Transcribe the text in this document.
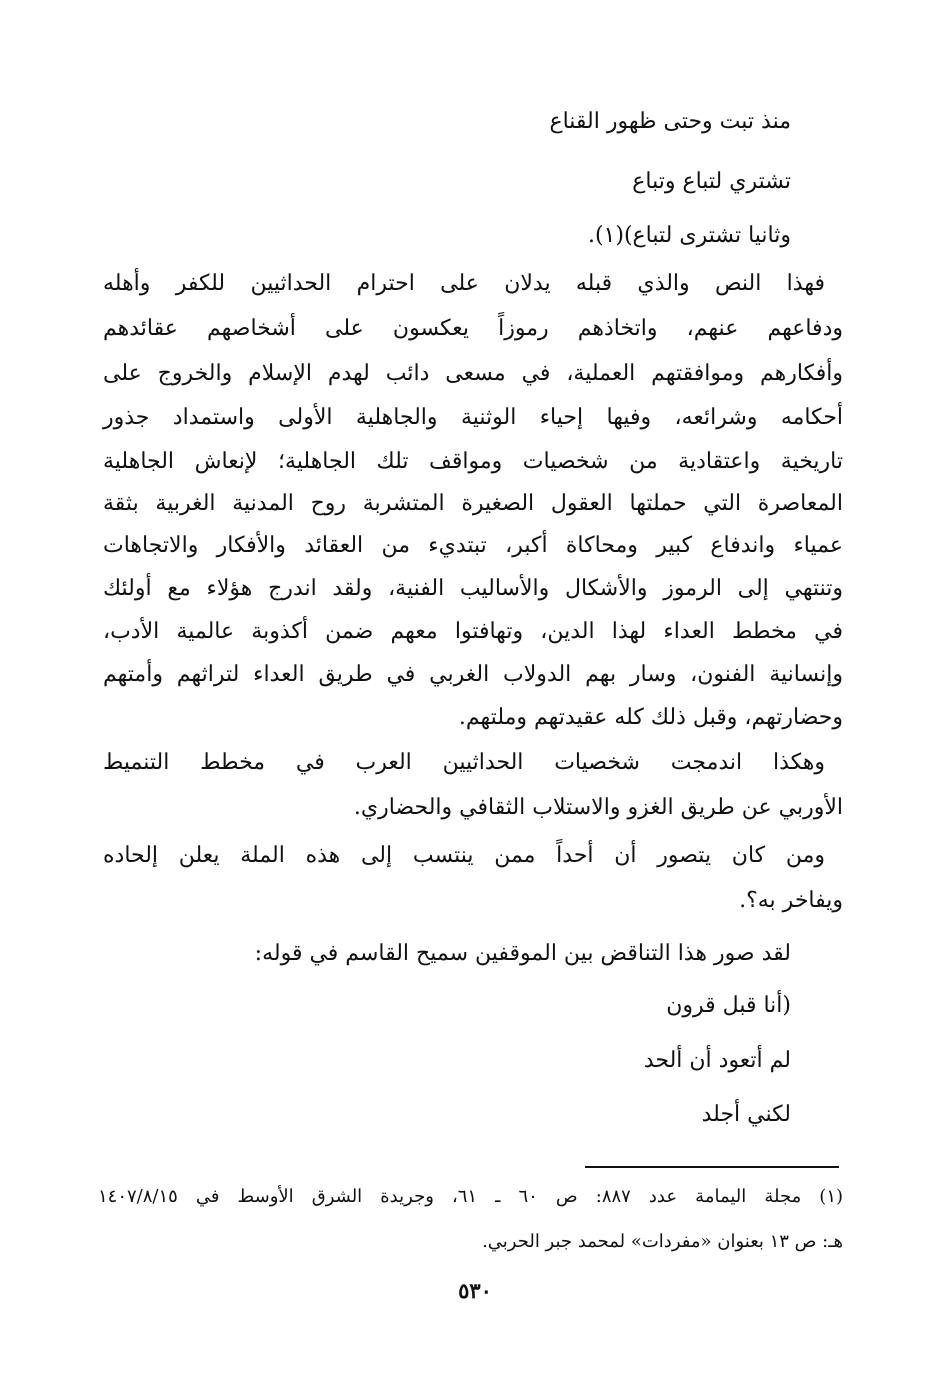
منذ تبت وحتى ظهور القناع
تشتري لتباع وتباع
وثانيا تشترى لتباع)(١).
فهذا النص والذي قبله يدلان على احترام الحداثيين للكفر وأهله
ودفاعهم عنهم، واتخاذهم رموزاً يعكسون على أشخاصهم عقائدهم
وأفكارهم وموافقتهم العملية، في مسعى دائب لهدم الإسلام والخروج على
أحكامه وشرائعه، وفيها إحياء الوثنية والجاهلية الأولى واستمداد جذور
تاريخية واعتقادية من شخصيات ومواقف تلك الجاهلية؛ لإنعاش الجاهلية
المعاصرة التي حملتها العقول الصغيرة المتشربة روح المدنية الغربية بثقة
عمياء واندفاع كبير ومحاكاة أكبر، تبتديء من العقائد والأفكار والاتجاهات
وتنتهي إلى الرموز والأشكال والأساليب الفنية، ولقد اندرج هؤلاء مع أولئك
في مخطط العداء لهذا الدين، وتهافتوا معهم ضمن أكذوبة عالمية الأدب،
وإنسانية الفنون، وسار بهم الدولاب الغربي في طريق العداء لتراثهم وأمتهم
وحضارتهم، وقبل ذلك كله عقيدتهم وملتهم.
وهكذا اندمجت شخصيات الحداثيين العرب في مخطط التنميط
الأوربي عن طريق الغزو والاستلاب الثقافي والحضاري.
ومن كان يتصور أن أحداً ممن ينتسب إلى هذه الملة يعلن إلحاده
ويفاخر به؟.
لقد صور هذا التناقض بين الموقفين سميح القاسم في قوله:
(أنا قبل قرون
لم أتعود أن ألحد
لكني أجلد
(١) مجلة اليمامة عدد ٨٨٧: ص ٦٠ ـ ٦١، وجريدة الشرق الأوسط في ١٤٠٧/٨/١٥
هـ: ص ١٣ بعنوان «مفردات» لمحمد جبر الحربي.
٥٣٠
